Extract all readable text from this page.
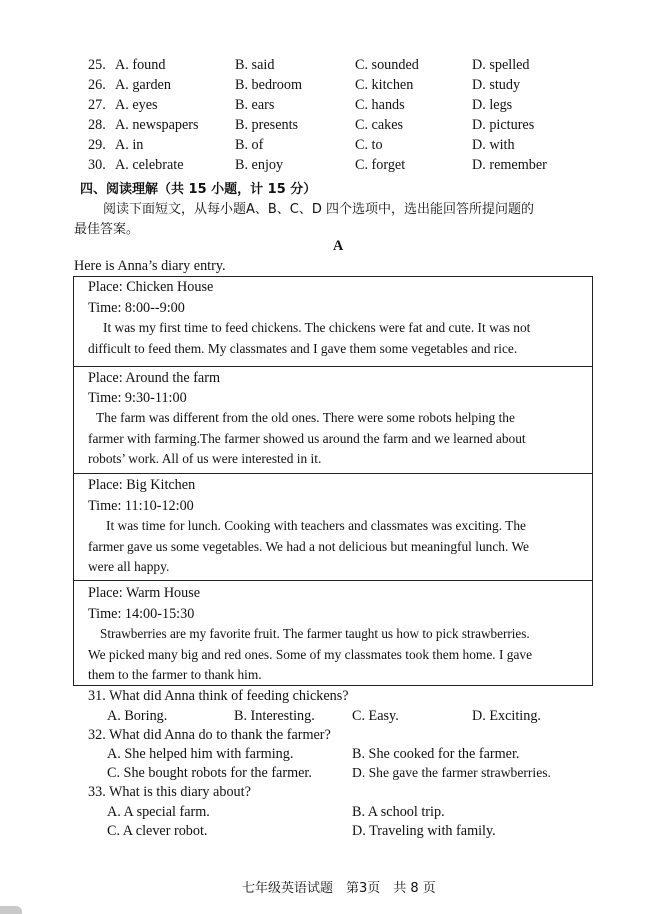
25. A. found	B. said	C. sounded	D. spelled
26. A. garden	B. bedroom	C. kitchen	D. study
27. A. eyes	B. ears	C. hands	D. legs
28. A. newspapers	B. presents	C. cakes	D. pictures
29. A. in	B. of	C. to	D. with
30. A. celebrate	B. enjoy	C. forget	D. remember
四、阅读理解（共 15 小题，计 15 分）
阅读下面短文，从每小题A、B、C、D 四个选项中，选出能回答所提问题的
最佳答案。
A
Here is Anna’s diary entry.
Place: Chicken House
Time: 8:00--9:00
It was my first time to feed chickens. The chickens were fat and cute. It was not
difficult to feed them. My classmates and I gave them some vegetables and rice.
Place: Around the farm
Time: 9:30-11:00
The farm was different from the old ones. There were some robots helping the
farmer with farming.The farmer showed us around the farm and we learned about
robots’ work. All of us were interested in it.
Place: Big Kitchen
Time: 11:10-12:00
It was time for lunch. Cooking with teachers and classmates was exciting. The
farmer gave us some vegetables. We had a not delicious but meaningful lunch. We
were all happy.
Place: Warm House
Time: 14:00-15:30
Strawberries are my favorite fruit. The farmer taught us how to pick strawberries.
We picked many big and red ones. Some of my classmates took them home. I gave
them to the farmer to thank him.
31. What did Anna think of feeding chickens?
A. Boring.	B. Interesting.	C. Easy.	D. Exciting.
32. What did Anna do to thank the farmer?
A. She helped him with farming.	B. She cooked for the farmer.
C. She bought robots for the farmer.	D. She gave the farmer strawberries.
33. What is this diary about?
A. A special farm.	B. A school trip.
C. A clever robot.	D. Traveling with family.
七年级英语试题　第3页　共 8 页
